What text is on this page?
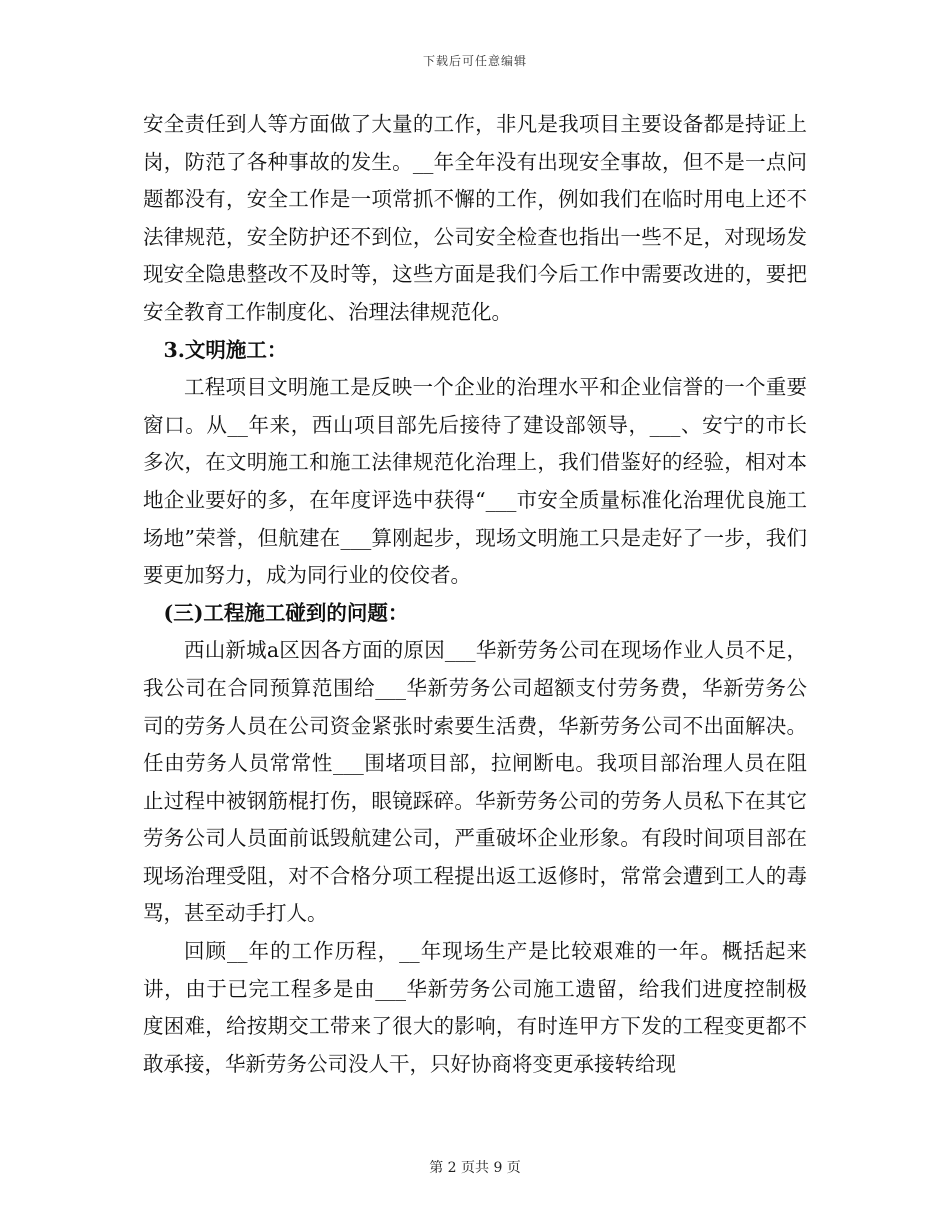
下载后可任意编辑

安全责任到人等方面做了大量的工作，非凡是我项目主要设备都是持证上岗，防范了各种事故的发生。__年全年没有出现安全事故，但不是一点问题都没有，安全工作是一项常抓不懈的工作，例如我们在临时用电上还不法律规范，安全防护还不到位，公司安全检查也指出一些不足，对现场发现安全隐患整改不及时等，这些方面是我们今后工作中需要改进的，要把安全教育工作制度化、治理法律规范化。

3.文明施工：

工程项目文明施工是反映一个企业的治理水平和企业信誉的一个重要窗口。从__年来，西山项目部先后接待了建设部领导，___、安宁的市长多次，在文明施工和施工法律规范化治理上，我们借鉴好的经验，相对本地企业要好的多，在年度评选中获得“___市安全质量标准化治理优良施工场地”荣誉，但航建在___算刚起步，现场文明施工只是走好了一步，我们要更加努力，成为同行业的佼佼者。

(三)工程施工碰到的问题：

西山新城a区因各方面的原因___华新劳务公司在现场作业人员不足，我公司在合同预算范围给___华新劳务公司超额支付劳务费，华新劳务公司的劳务人员在公司资金紧张时索要生活费，华新劳务公司不出面解决。任由劳务人员常常性___围堵项目部，拉闸断电。我项目部治理人员在阻止过程中被钢筋棍打伤，眼镜踩碎。华新劳务公司的劳务人员私下在其它劳务公司人员面前诋毁航建公司，严重破坏企业形象。有段时间项目部在现场治理受阻，对不合格分项工程提出返工返修时，常常会遭到工人的毒骂，甚至动手打人。

回顾__年的工作历程，__年现场生产是比较艰难的一年。概括起来讲，由于已完工程多是由___华新劳务公司施工遗留，给我们进度控制极度困难，给按期交工带来了很大的影响，有时连甲方下发的工程变更都不敢承接，华新劳务公司没人干，只好协商将变更承接转给现

第 2 页共 9 页
